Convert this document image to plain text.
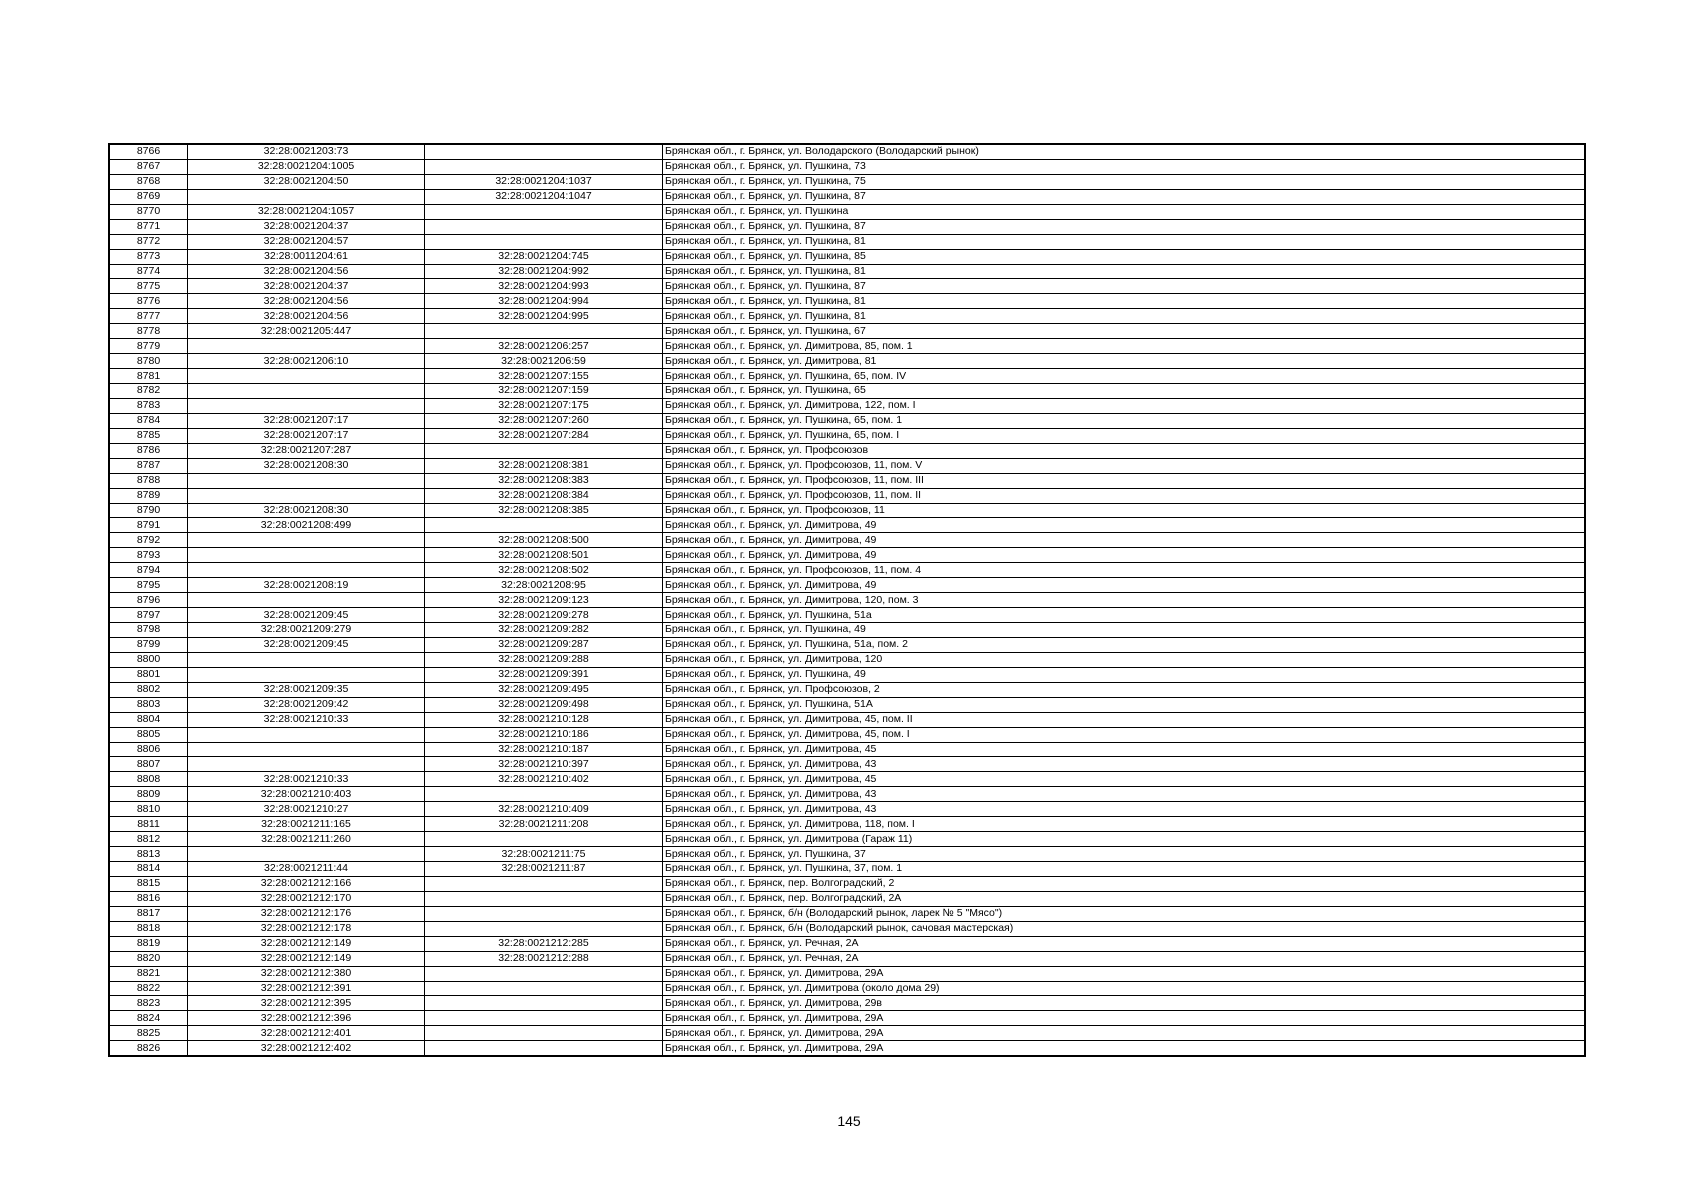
8766	32:28:0021203:73		Брянская обл., г. Брянск, ул. Володарского (Володарский рынок)
8767	32:28:0021204:1005		Брянская обл., г. Брянск, ул. Пушкина, 73
8768	32:28:0021204:50	32:28:0021204:1037	Брянская обл., г. Брянск, ул. Пушкина, 75
8769		32:28:0021204:1047	Брянская обл., г. Брянск, ул. Пушкина, 87
8770	32:28:0021204:1057		Брянская обл., г. Брянск, ул. Пушкина
8771	32:28:0021204:37		Брянская обл., г. Брянск, ул. Пушкина, 87
8772	32:28:0021204:57		Брянская обл., г. Брянск, ул. Пушкина, 81
8773	32:28:0011204:61	32:28:0021204:745	Брянская обл., г. Брянск, ул. Пушкина, 85
8774	32:28:0021204:56	32:28:0021204:992	Брянская обл., г. Брянск, ул. Пушкина, 81
8775	32:28:0021204:37	32:28:0021204:993	Брянская обл., г. Брянск, ул. Пушкина, 87
8776	32:28:0021204:56	32:28:0021204:994	Брянская обл., г. Брянск, ул. Пушкина, 81
8777	32:28:0021204:56	32:28:0021204:995	Брянская обл., г. Брянск, ул. Пушкина, 81
8778	32:28:0021205:447		Брянская обл., г. Брянск, ул. Пушкина, 67
8779		32:28:0021206:257	Брянская обл., г. Брянск, ул. Димитрова, 85, пом. 1
8780	32:28:0021206:10	32:28:0021206:59	Брянская обл., г. Брянск, ул. Димитрова, 81
8781		32:28:0021207:155	Брянская обл., г. Брянск, ул. Пушкина, 65, пом. IV
8782		32:28:0021207:159	Брянская обл., г. Брянск, ул. Пушкина, 65
8783		32:28:0021207:175	Брянская обл., г. Брянск, ул. Димитрова, 122, пом. I
8784	32:28:0021207:17	32:28:0021207:260	Брянская обл., г. Брянск, ул. Пушкина, 65, пом. 1
8785	32:28:0021207:17	32:28:0021207:284	Брянская обл., г. Брянск, ул. Пушкина, 65, пом. I
8786	32:28:0021207:287		Брянская обл., г. Брянск, ул. Профсоюзов
8787	32:28:0021208:30	32:28:0021208:381	Брянская обл., г. Брянск, ул. Профсоюзов, 11, пом. V
8788		32:28:0021208:383	Брянская обл., г. Брянск, ул. Профсоюзов, 11, пом. III
8789		32:28:0021208:384	Брянская обл., г. Брянск, ул. Профсоюзов, 11, пом. II
8790	32:28:0021208:30	32:28:0021208:385	Брянская обл., г. Брянск, ул. Профсоюзов, 11
8791	32:28:0021208:499		Брянская обл., г. Брянск, ул. Димитрова, 49
8792		32:28:0021208:500	Брянская обл., г. Брянск, ул. Димитрова, 49
8793		32:28:0021208:501	Брянская обл., г. Брянск, ул. Димитрова, 49
8794		32:28:0021208:502	Брянская обл., г. Брянск, ул. Профсоюзов, 11, пом. 4
8795	32:28:0021208:19	32:28:0021208:95	Брянская обл., г. Брянск, ул. Димитрова, 49
8796		32:28:0021209:123	Брянская обл., г. Брянск, ул. Димитрова, 120, пом. 3
8797	32:28:0021209:45	32:28:0021209:278	Брянская обл., г. Брянск, ул. Пушкина, 51а
8798	32:28:0021209:279	32:28:0021209:282	Брянская обл., г. Брянск, ул. Пушкина, 49
8799	32:28:0021209:45	32:28:0021209:287	Брянская обл., г. Брянск, ул. Пушкина, 51а, пом. 2
8800		32:28:0021209:288	Брянская обл., г. Брянск, ул. Димитрова, 120
8801		32:28:0021209:391	Брянская обл., г. Брянск, ул. Пушкина, 49
8802	32:28:0021209:35	32:28:0021209:495	Брянская обл., г. Брянск, ул. Профсоюзов, 2
8803	32:28:0021209:42	32:28:0021209:498	Брянская обл., г. Брянск, ул. Пушкина, 51А
8804	32:28:0021210:33	32:28:0021210:128	Брянская обл., г. Брянск, ул. Димитрова, 45, пом. II
8805		32:28:0021210:186	Брянская обл., г. Брянск, ул. Димитрова, 45, пом. I
8806		32:28:0021210:187	Брянская обл., г. Брянск, ул. Димитрова, 45
8807		32:28:0021210:397	Брянская обл., г. Брянск, ул. Димитрова, 43
8808	32:28:0021210:33	32:28:0021210:402	Брянская обл., г. Брянск, ул. Димитрова, 45
8809	32:28:0021210:403		Брянская обл., г. Брянск, ул. Димитрова, 43
8810	32:28:0021210:27	32:28:0021210:409	Брянская обл., г. Брянск, ул. Димитрова, 43
8811	32:28:0021211:165	32:28:0021211:208	Брянская обл., г. Брянск, ул. Димитрова, 118, пом. I
8812	32:28:0021211:260		Брянская обл., г. Брянск, ул. Димитрова (Гараж 11)
8813		32:28:0021211:75	Брянская обл., г. Брянск, ул. Пушкина, 37
8814	32:28:0021211:44	32:28:0021211:87	Брянская обл., г. Брянск, ул. Пушкина, 37, пом. 1
8815	32:28:0021212:166		Брянская обл., г. Брянск, пер. Волгоградский, 2
8816	32:28:0021212:170		Брянская обл., г. Брянск, пер. Волгоградский, 2А
8817	32:28:0021212:176		Брянская обл., г. Брянск, б/н (Володарский рынок, ларек № 5 "Мясо")
8818	32:28:0021212:178		Брянская обл., г. Брянск, б/н (Володарский рынок, сачовая мастерская)
8819	32:28:0021212:149	32:28:0021212:285	Брянская обл., г. Брянск, ул. Речная, 2А
8820	32:28:0021212:149	32:28:0021212:288	Брянская обл., г. Брянск, ул. Речная, 2А
8821	32:28:0021212:380		Брянская обл., г. Брянск, ул. Димитрова, 29А
8822	32:28:0021212:391		Брянская обл., г. Брянск, ул. Димитрова (около дома 29)
8823	32:28:0021212:395		Брянская обл., г. Брянск, ул. Димитрова, 29в
8824	32:28:0021212:396		Брянская обл., г. Брянск, ул. Димитрова, 29А
8825	32:28:0021212:401		Брянская обл., г. Брянск, ул. Димитрова, 29А
8826	32:28:0021212:402		Брянская обл., г. Брянск, ул. Димитрова, 29А
145
